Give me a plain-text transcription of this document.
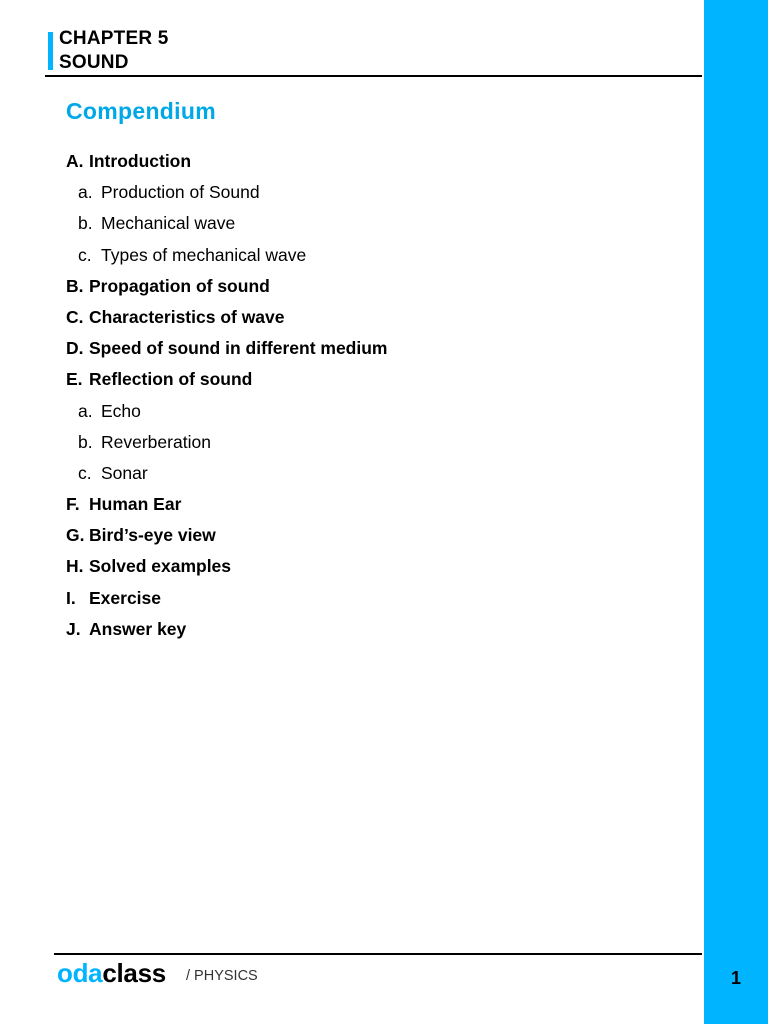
CHAPTER 5
SOUND
Compendium
A. Introduction
a. Production of Sound
b. Mechanical wave
c. Types of mechanical wave
B. Propagation of sound
C. Characteristics of wave
D. Speed of sound in different medium
E. Reflection of sound
a. Echo
b. Reverberation
c. Sonar
F. Human Ear
G. Bird’s-eye view
H. Solved examples
I. Exercise
J. Answer key
odaclass / PHYSICS	1
